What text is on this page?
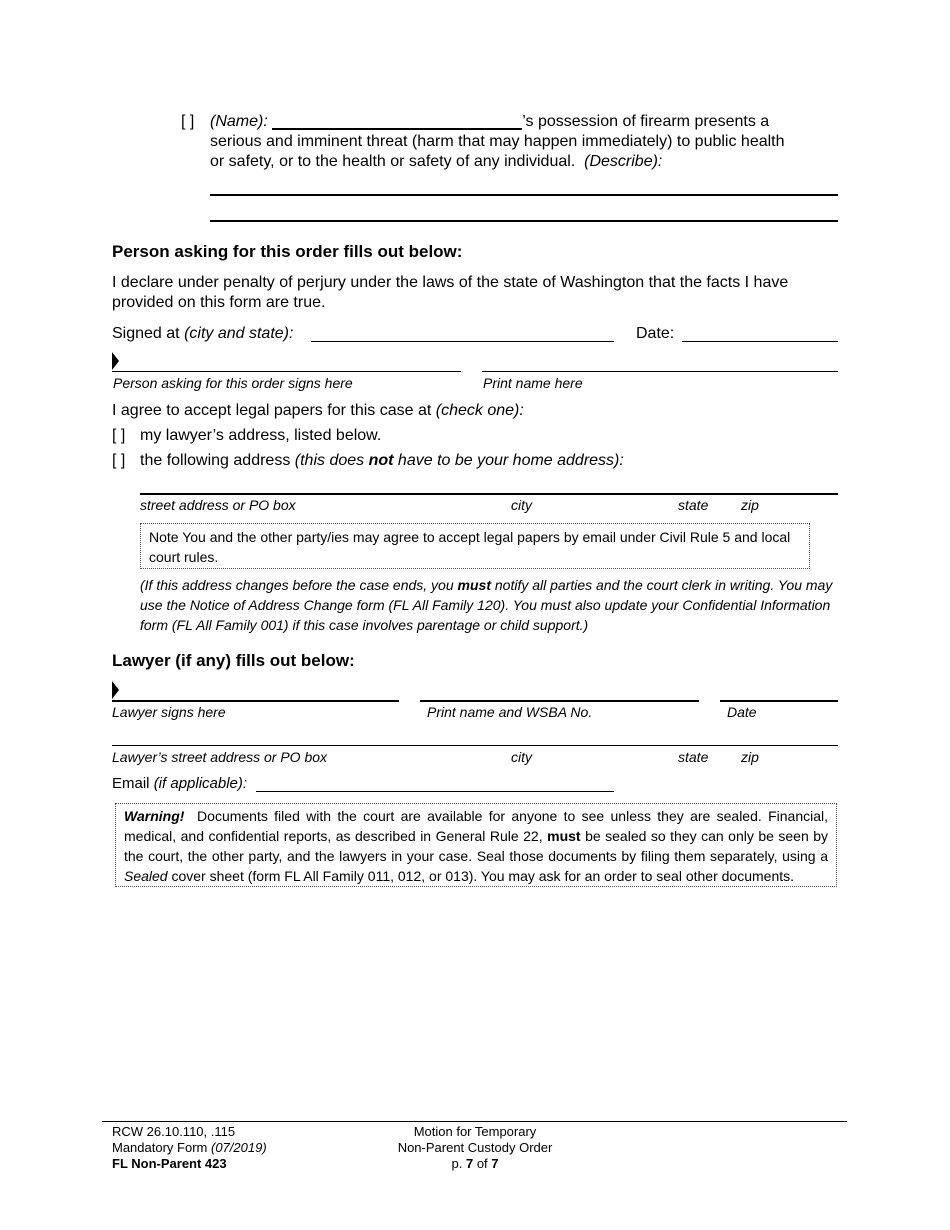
[ ] (Name):	’s possession of firearm presents a
serious and imminent threat (harm that may happen immediately) to public health
or safety, or to the health or safety of any individual. (Describe):
Person asking for this order fills out below:
I declare under penalty of perjury under the laws of the state of Washington that the facts I have provided on this form are true.
Signed at (city and state):	Date:
Person asking for this order signs here	Print name here
I agree to accept legal papers for this case at (check one):
[ ] my lawyer’s address, listed below.
[ ] the following address (this does not have to be your home address):
street address or PO box	city	state zip
Note You and the other party/ies may agree to accept legal papers by email under Civil Rule 5 and local court rules.
(If this address changes before the case ends, you must notify all parties and the court clerk in writing. You may use the Notice of Address Change form (FL All Family 120). You must also update your Confidential Information form (FL All Family 001) if this case involves parentage or child support.)
Lawyer (if any) fills out below:
Lawyer signs here	Print name and WSBA No.	Date
Lawyer’s street address or PO box	city	state zip
Email (if applicable):
Warning! Documents filed with the court are available for anyone to see unless they are sealed. Financial, medical, and confidential reports, as described in General Rule 22, must be sealed so they can only be seen by the court, the other party, and the lawyers in your case. Seal those documents by filing them separately, using a Sealed cover sheet (form FL All Family 011, 012, or 013). You may ask for an order to seal other documents.
RCW 26.10.110, .115
Mandatory Form (07/2019)
FL Non-Parent 423
Motion for Temporary
Non-Parent Custody Order
p. 7 of 7
